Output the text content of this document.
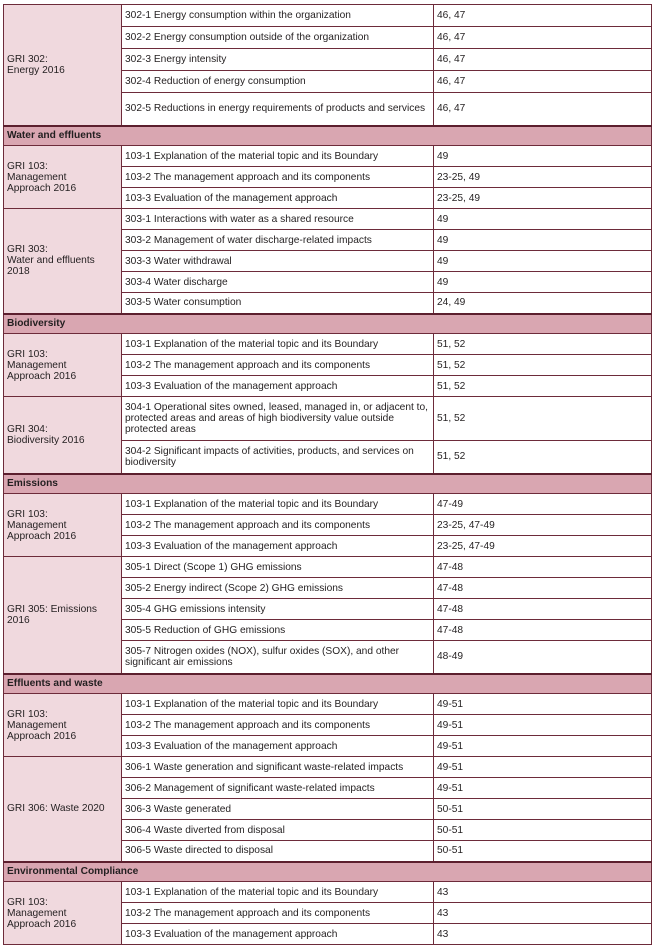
GRI 302:
Energy 2016	302-1 Energy consumption within the organization	46, 47
	302-2 Energy consumption outside of the organization	46, 47
	302-3 Energy intensity	46, 47
	302-4 Reduction of energy consumption	46, 47
	302-5 Reductions in energy requirements of products and services	46, 47
Water and effluents		
GRI 103:
Management
Approach 2016	103-1 Explanation of the material topic and its Boundary	49
	103-2 The management approach and its components	23-25, 49
	103-3 Evaluation of the management approach	23-25, 49
GRI 303:
Water and effluents
2018	303-1 Interactions with water as a shared resource	49
	303-2 Management of water discharge-related impacts	49
	303-3 Water withdrawal	49
	303-4 Water discharge	49
	303-5 Water consumption	24, 49
Biodiversity		
GRI 103:
Management
Approach 2016	103-1 Explanation of the material topic and its Boundary	51, 52
	103-2 The management approach and its components	51, 52
	103-3 Evaluation of the management approach	51, 52
GRI 304:
Biodiversity 2016	304-1 Operational sites owned, leased, managed in, or adjacent to, protected areas and areas of high biodiversity value outside protected areas	51, 52
	304-2 Significant impacts of activities, products, and services on biodiversity	51, 52
Emissions		
GRI 103:
Management
Approach 2016	103-1 Explanation of the material topic and its Boundary	47-49
	103-2 The management approach and its components	23-25, 47-49
	103-3 Evaluation of the management approach	23-25, 47-49
GRI 305: Emissions
2016	305-1 Direct (Scope 1) GHG emissions	47-48
	305-2 Energy indirect (Scope 2) GHG emissions	47-48
	305-4 GHG emissions intensity	47-48
	305-5 Reduction of GHG emissions	47-48
	305-7 Nitrogen oxides (NOX), sulfur oxides (SOX), and other significant air emissions	48-49
Effluents and waste		
GRI 103:
Management
Approach 2016	103-1 Explanation of the material topic and its Boundary	49-51
	103-2 The management approach and its components	49-51
	103-3 Evaluation of the management approach	49-51
GRI 306: Waste 2020	306-1 Waste generation and significant waste-related impacts	49-51
	306-2 Management of significant waste-related impacts	49-51
	306-3 Waste generated	50-51
	306-4 Waste diverted from disposal	50-51
	306-5 Waste directed to disposal	50-51
Environmental Compliance		
GRI 103:
Management
Approach 2016	103-1 Explanation of the material topic and its Boundary	43
	103-2 The management approach and its components	43
	103-3 Evaluation of the management approach	43
